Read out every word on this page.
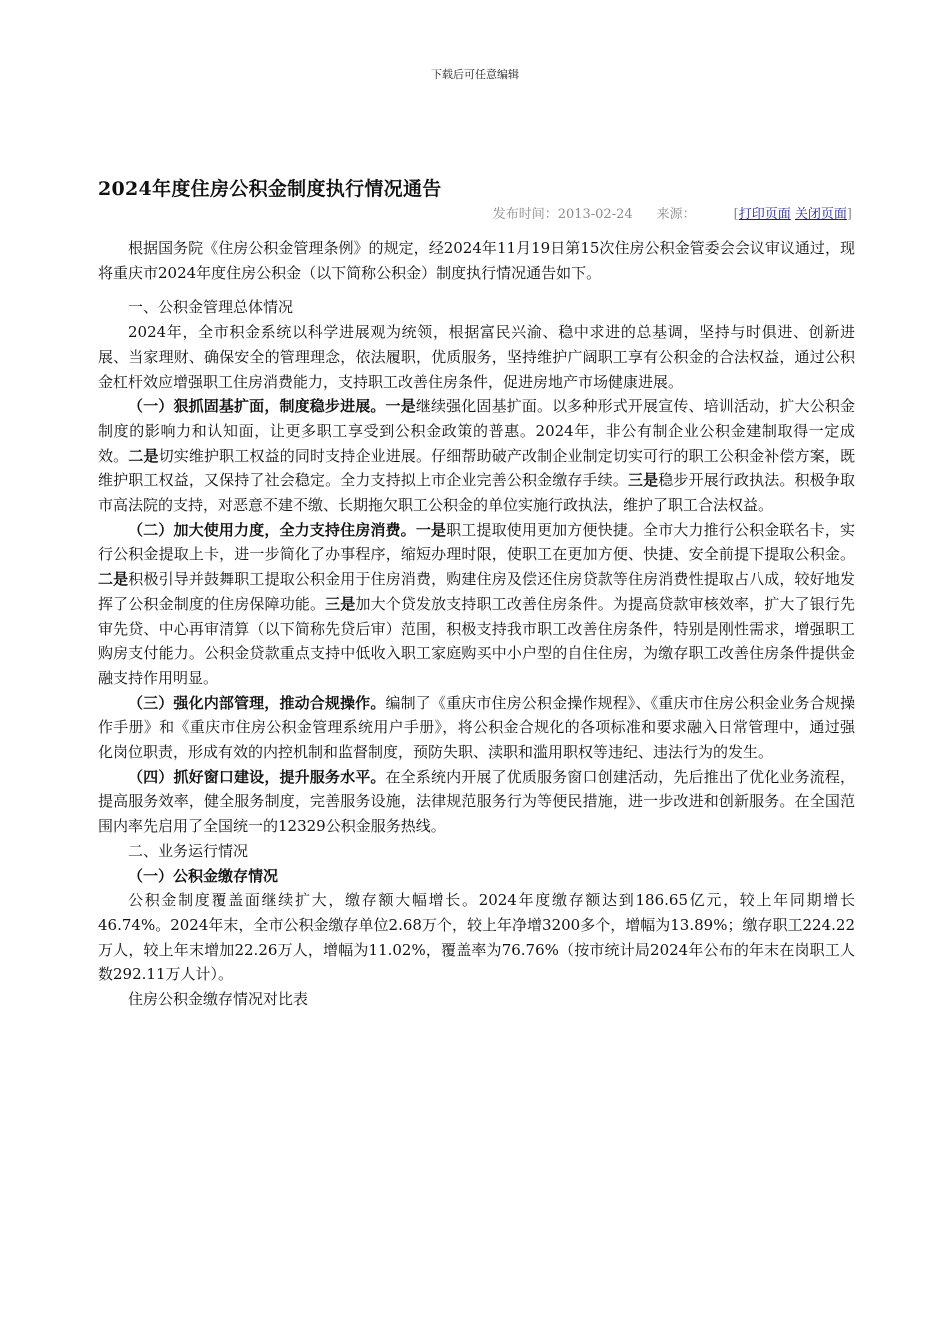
下载后可任意编辑
2024年度住房公积金制度执行情况通告
发布时间：2013-02-24 来源：	[打印页面 关闭页面]

根据国务院《住房公积金管理条例》的规定，经2024年11月19日第15次住房公积金管委会会议审议通过，现将重庆市2024年度住房公积金（以下简称公积金）制度执行情况通告如下。

一、公积金管理总体情况

2024年，全市积金系统以科学进展观为统领，根据富民兴渝、稳中求进的总基调，坚持与时俱进、创新进展、当家理财、确保安全的管理理念，依法履职，优质服务，坚持维护广阔职工享有公积金的合法权益，通过公积金杠杆效应增强职工住房消费能力，支持职工改善住房条件，促进房地产市场健康进展。

（一）狠抓固基扩面，制度稳步进展。一是继续强化固基扩面。以多种形式开展宣传、培训活动，扩大公积金制度的影响力和认知面，让更多职工享受到公积金政策的普惠。2024年，非公有制企业公积金建制取得一定成效。二是切实维护职工权益的同时支持企业进展。仔细帮助破产改制企业制定切实可行的职工公积金补偿方案，既维护职工权益，又保持了社会稳定。全力支持拟上市企业完善公积金缴存手续。三是稳步开展行政执法。积极争取市高法院的支持，对恶意不建不缴、长期拖欠职工公积金的单位实施行政执法，维护了职工合法权益。

（二）加大使用力度，全力支持住房消费。一是职工提取使用更加方便快捷。全市大力推行公积金联名卡，实行公积金提取上卡，进一步简化了办事程序，缩短办理时限，使职工在更加方便、快捷、安全前提下提取公积金。二是积极引导并鼓舞职工提取公积金用于住房消费，购建住房及偿还住房贷款等住房消费性提取占八成，较好地发挥了公积金制度的住房保障功能。三是加大个贷发放支持职工改善住房条件。为提高贷款审核效率，扩大了银行先审先贷、中心再审清算（以下简称先贷后审）范围，积极支持我市职工改善住房条件，特别是刚性需求，增强职工购房支付能力。公积金贷款重点支持中低收入职工家庭购买中小户型的自住住房，为缴存职工改善住房条件提供金融支持作用明显。

（三）强化内部管理，推动合规操作。编制了《重庆市住房公积金操作规程》、《重庆市住房公积金业务合规操作手册》和《重庆市住房公积金管理系统用户手册》，将公积金合规化的各项标准和要求融入日常管理中，通过强化岗位职责，形成有效的内控机制和监督制度，预防失职、渎职和滥用职权等违纪、违法行为的发生。

（四）抓好窗口建设，提升服务水平。在全系统内开展了优质服务窗口创建活动，先后推出了优化业务流程，提高服务效率，健全服务制度，完善服务设施，法律规范服务行为等便民措施，进一步改进和创新服务。在全国范围内率先启用了全国统一的12329公积金服务热线。

二、业务运行情况

（一）公积金缴存情况

公积金制度覆盖面继续扩大，缴存额大幅增长。2024年度缴存额达到186.65亿元，较上年同期增长46.74%。2024年末，全市公积金缴存单位2.68万个，较上年净增3200多个，增幅为13.89%；缴存职工224.22万人，较上年末增加22.26万人，增幅为11.02%，覆盖率为76.76%（按市统计局2024年公布的年末在岗职工人数292.11万人计）。

住房公积金缴存情况对比表
